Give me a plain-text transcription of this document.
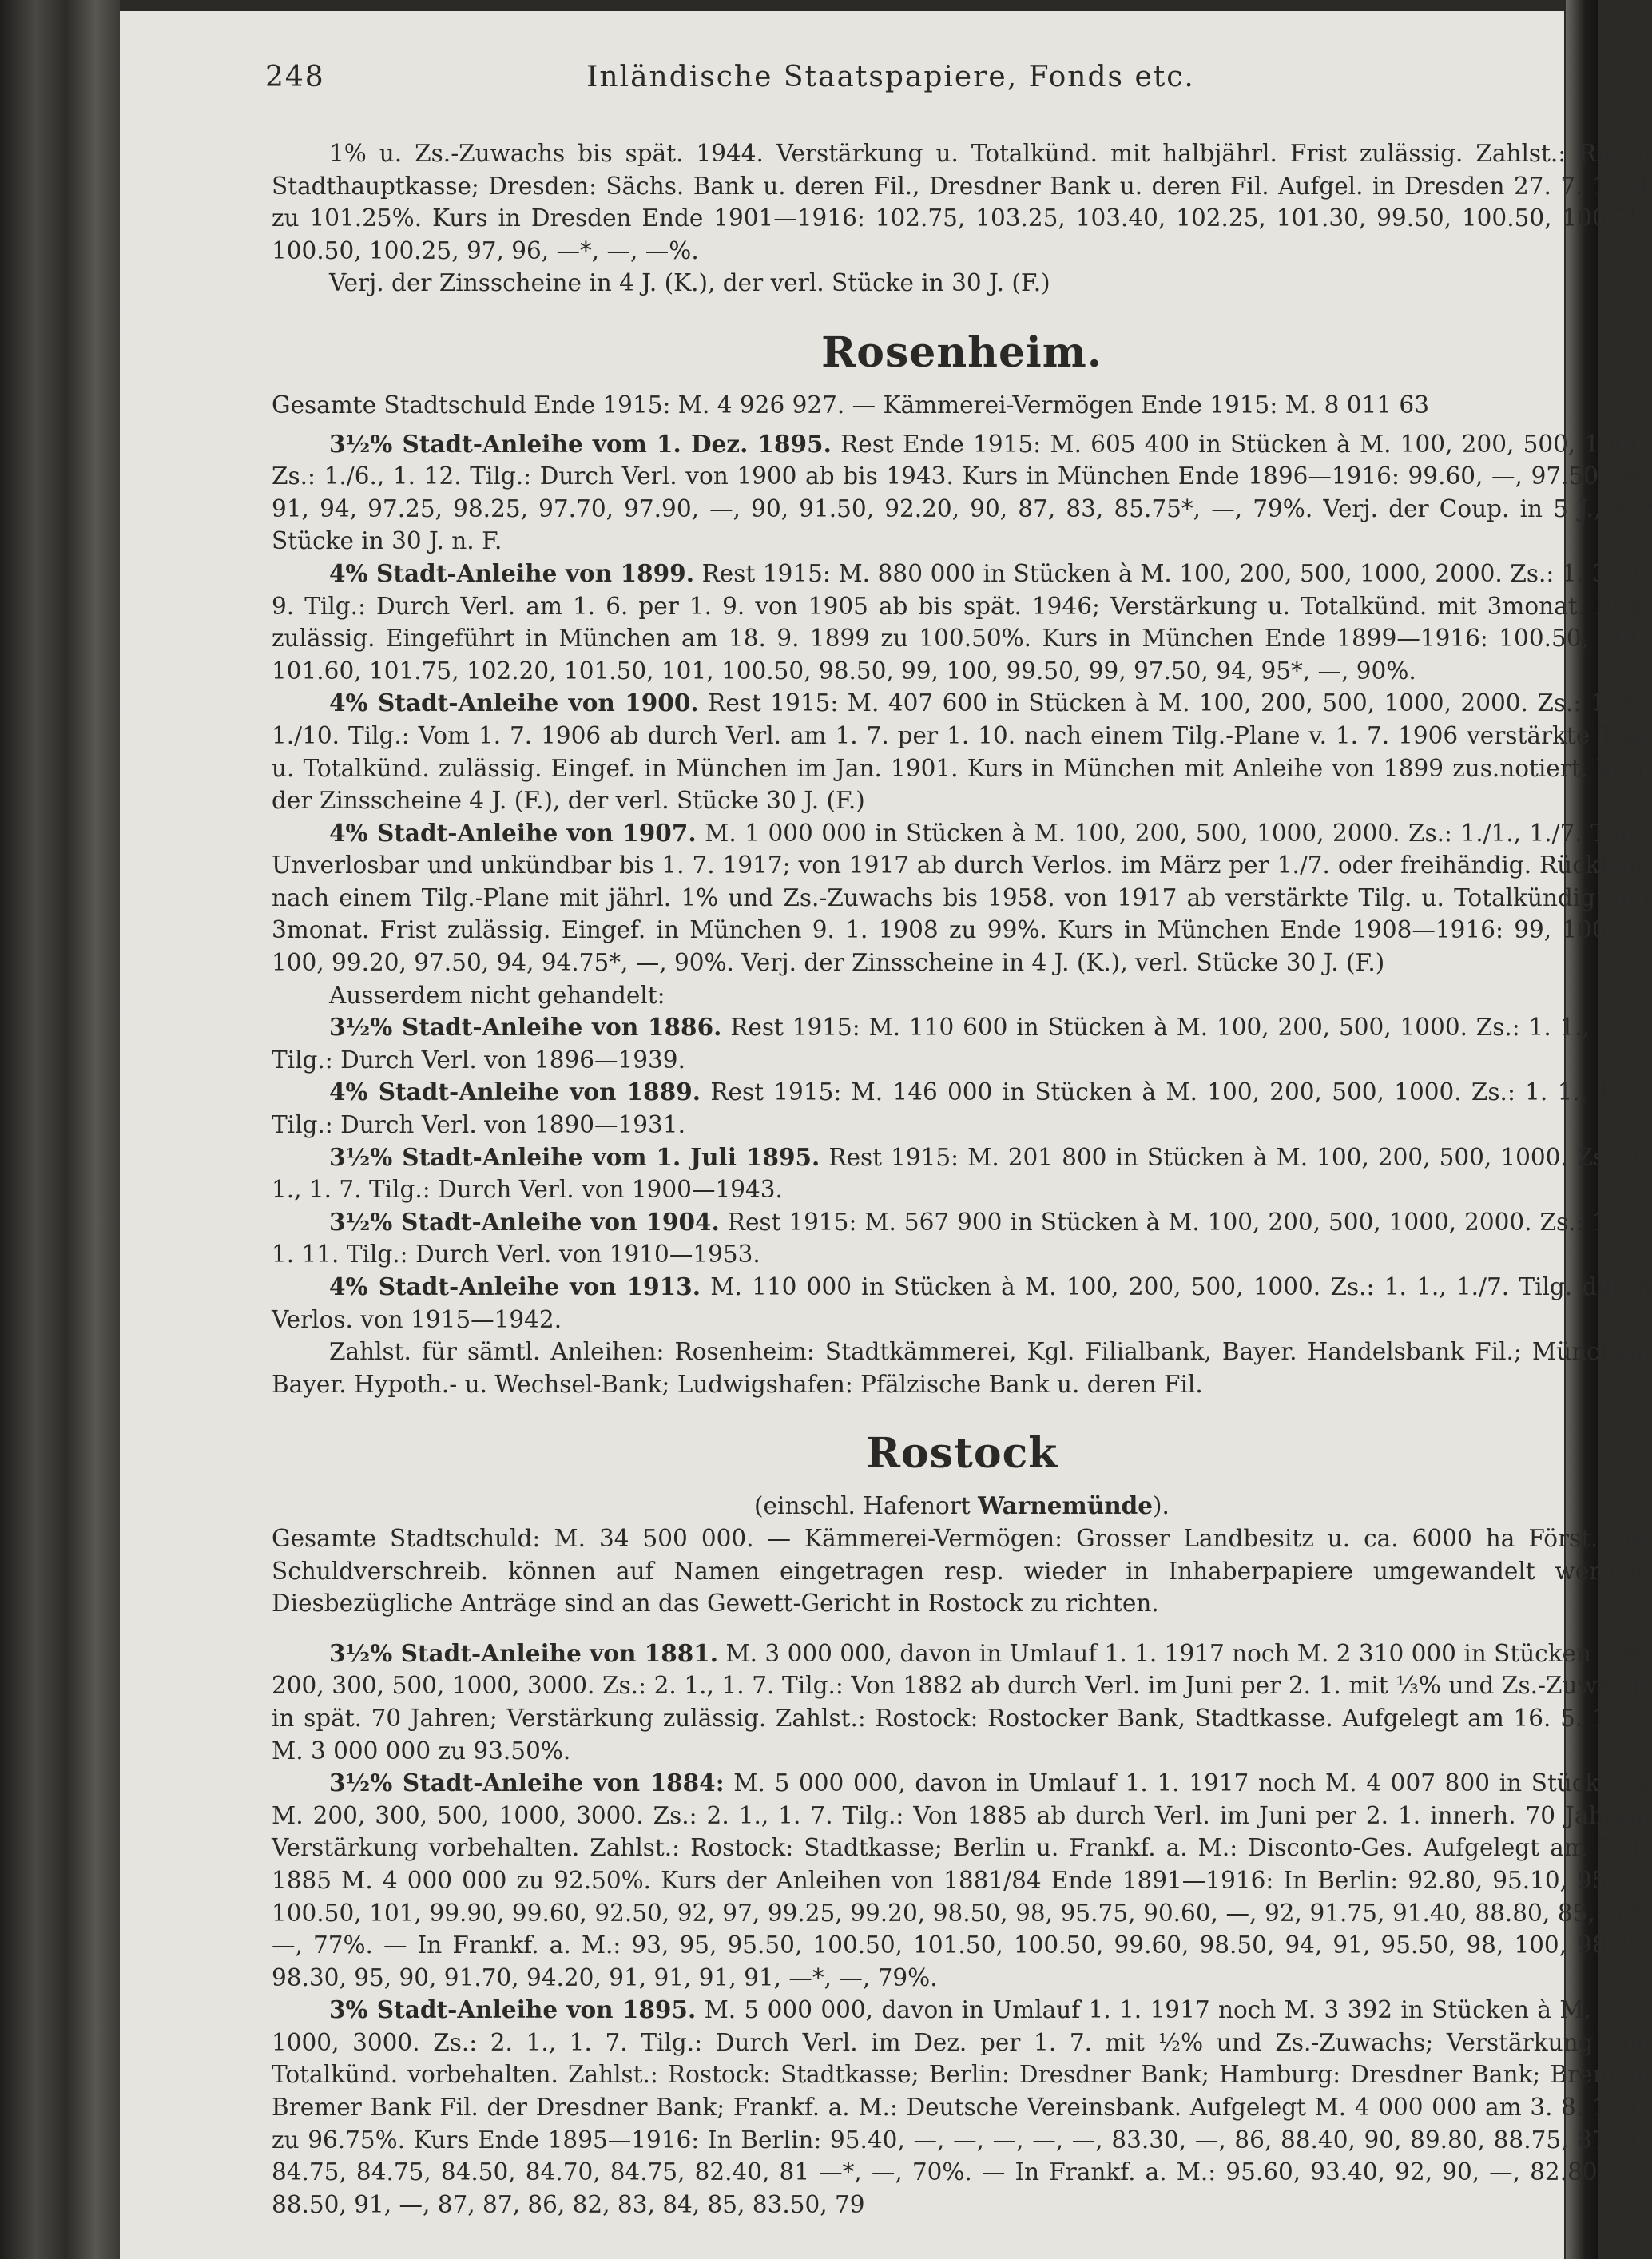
248	Inländische Staatspapiere, Fonds etc.

1% u. Zs.-Zuwachs bis spät. 1944. Verstärkung u. Totalkünd. mit halbjährl. Frist zulässig. Zahlst.: Riesa: Stadthauptkasse; Dresden: Sächs. Bank u. deren Fil., Dresdner Bank u. deren Fil. Aufgel. in Dresden 27. 7. 1901 zu 101.25%. Kurs in Dresden Ende 1901—1916: 102.75, 103.25, 103.40, 102.25, 101.30, 99.50, 100.50, 100.75, 100.50, 100.25, 97, 96, —*, —, —%.

Verj. der Zinsscheine in 4 J. (K.), der verl. Stücke in 30 J. (F.)

Rosenheim.

Gesamte Stadtschuld Ende 1915: M. 4 926 927. — Kämmerei-Vermögen Ende 1915: M. 8 011 63

3½% Stadt-Anleihe vom 1. Dez. 1895. Rest Ende 1915: M. 605 400 in Stücken à M. 100, 200, 500, 1000. Zs.: 1./6., 1. 12. Tilg.: Durch Verl. von 1900 ab bis 1943. Kurs in München Ende 1896—1916: 99.60, —, 97.50, 94, 91, 94, 97.25, 98.25, 97.70, 97.90, —, 90, 91.50, 92.20, 90, 87, 83, 85.75*, —, 79%. Verj. der Coup. in 5 J., der Stücke in 30 J. n. F.

4% Stadt-Anleihe von 1899. Rest 1915: M. 880 000 in Stücken à M. 100, 200, 500, 1000, 2000. Zs.: 1. 3., 1. 9. Tilg.: Durch Verl. am 1. 6. per 1. 9. von 1905 ab bis spät. 1946; Verstärkung u. Totalkünd. mit 3monat. Frist zulässig. Eingeführt in München am 18. 9. 1899 zu 100.50%. Kurs in München Ende 1899—1916: 100.50, 100, 101.60, 101.75, 102.20, 101.50, 101, 100.50, 98.50, 99, 100, 99.50, 99, 97.50, 94, 95*, —, 90%.

4% Stadt-Anleihe von 1900. Rest 1915: M. 407 600 in Stücken à M. 100, 200, 500, 1000, 2000. Zs.: 1. 4., 1./10. Tilg.: Vom 1. 7. 1906 ab durch Verl. am 1. 7. per 1. 10. nach einem Tilg.-Plane v. 1. 7. 1906 verstärkte Tilg. u. Totalkünd. zulässig. Eingef. in München im Jan. 1901. Kurs in München mit Anleihe von 1899 zus.notiert. Verj. der Zinsscheine 4 J. (F.), der verl. Stücke 30 J. (F.)

4% Stadt-Anleihe von 1907. M. 1 000 000 in Stücken à M. 100, 200, 500, 1000, 2000. Zs.: 1./1., 1./7. Tilg.: Unverlosbar und unkündbar bis 1. 7. 1917; von 1917 ab durch Verlos. im März per 1./7. oder freihändig. Rückkauf nach einem Tilg.-Plane mit jährl. 1% und Zs.-Zuwachs bis 1958. von 1917 ab verstärkte Tilg. u. Totalkündig. mit 3monat. Frist zulässig. Eingef. in München 9. 1. 1908 zu 99%. Kurs in München Ende 1908—1916: 99, 100.30, 100, 99.20, 97.50, 94, 94.75*, —, 90%. Verj. der Zinsscheine in 4 J. (K.), verl. Stücke 30 J. (F.)

Ausserdem nicht gehandelt:

3½% Stadt-Anleihe von 1886. Rest 1915: M. 110 600 in Stücken à M. 100, 200, 500, 1000. Zs.: 1. 1., 1. 7. Tilg.: Durch Verl. von 1896—1939.

4% Stadt-Anleihe von 1889. Rest 1915: M. 146 000 in Stücken à M. 100, 200, 500, 1000. Zs.: 1. 1., 1. 7. Tilg.: Durch Verl. von 1890—1931.

3½% Stadt-Anleihe vom 1. Juli 1895. Rest 1915: M. 201 800 in Stücken à M. 100, 200, 500, 1000. Zs.: 1. 1., 1. 7. Tilg.: Durch Verl. von 1900—1943.

3½% Stadt-Anleihe von 1904. Rest 1915: M. 567 900 in Stücken à M. 100, 200, 500, 1000, 2000. Zs.: 1. 5., 1. 11. Tilg.: Durch Verl. von 1910—1953.

4% Stadt-Anleihe von 1913. M. 110 000 in Stücken à M. 100, 200, 500, 1000. Zs.: 1. 1., 1./7. Tilg. durch Verlos. von 1915—1942.

Zahlst. für sämtl. Anleihen: Rosenheim: Stadtkämmerei, Kgl. Filialbank, Bayer. Handelsbank Fil.; München: Bayer. Hypoth.- u. Wechsel-Bank; Ludwigshafen: Pfälzische Bank u. deren Fil.

Rostock

(einschl. Hafenort Warnemünde).

Gesamte Stadtschuld: M. 34 500 000. — Kämmerei-Vermögen: Grosser Landbesitz u. ca. 6000 ha Först. Die Schuldverschreib. können auf Namen eingetragen resp. wieder in Inhaberpapiere umgewandelt werden. Diesbezügliche Anträge sind an das Gewett-Gericht in Rostock zu richten.

3½% Stadt-Anleihe von 1881. M. 3 000 000, davon in Umlauf 1. 1. 1917 noch M. 2 310 000 in Stücken à M. 200, 300, 500, 1000, 3000. Zs.: 2. 1., 1. 7. Tilg.: Von 1882 ab durch Verl. im Juni per 2. 1. mit ⅓% und Zs.-Zuwachs in spät. 70 Jahren; Verstärkung zulässig. Zahlst.: Rostock: Rostocker Bank, Stadtkasse. Aufgelegt am 16. 5. 1883 M. 3 000 000 zu 93.50%.

3½% Stadt-Anleihe von 1884: M. 5 000 000, davon in Umlauf 1. 1. 1917 noch M. 4 007 800 in Stücken à M. 200, 300, 500, 1000, 3000. Zs.: 2. 1., 1. 7. Tilg.: Von 1885 ab durch Verl. im Juni per 2. 1. innerh. 70 Jahren; Verstärkung vorbehalten. Zahlst.: Rostock: Stadtkasse; Berlin u. Frankf. a. M.: Disconto-Ges. Aufgelegt am 7. 1. 1885 M. 4 000 000 zu 92.50%. Kurs der Anleihen von 1881/84 Ende 1891—1916: In Berlin: 92.80, 95.10, 95.80, 100.50, 101, 99.90, 99.60, 92.50, 92, 97, 99.25, 99.20, 98.50, 98, 95.75, 90.60, —, 92, 91.75, 91.40, 88.80, 85, 86*, —, 77%. — In Frankf. a. M.: 93, 95, 95.50, 100.50, 101.50, 100.50, 99.60, 98.50, 94, 91, 95.50, 98, 100, 98.20, 98.30, 95, 90, 91.70, 94.20, 91, 91, 91, 91, —*, —, 79%.

3% Stadt-Anleihe von 1895. M. 5 000 000, davon in Umlauf 1. 1. 1917 noch M. 3 392 in Stücken à M. 500, 1000, 3000. Zs.: 2. 1., 1. 7. Tilg.: Durch Verl. im Dez. per 1. 7. mit ½% und Zs.-Zuwachs; Verstärkung und Totalkünd. vorbehalten. Zahlst.: Rostock: Stadtkasse; Berlin: Dresdner Bank; Hamburg: Dresdner Bank; Bremen: Bremer Bank Fil. der Dresdner Bank; Frankf. a. M.: Deutsche Vereinsbank. Aufgelegt M. 4 000 000 am 3. 8. 1895 zu 96.75%. Kurs Ende 1895—1916: In Berlin: 95.40, —, —, —, —, —, 83.30, —, 86, 88.40, 90, 89.80, 88.75, 87.30, 84.75, 84.75, 84.50, 84.70, 84.75, 82.40, 81 —*, —, 70%. — In Frankf. a. M.: 95.60, 93.40, 92, 90, —, 82.80, 87, 88.50, 91, —, 87, 87, 86, 82, 83, 84, 85, 83.50, 79
